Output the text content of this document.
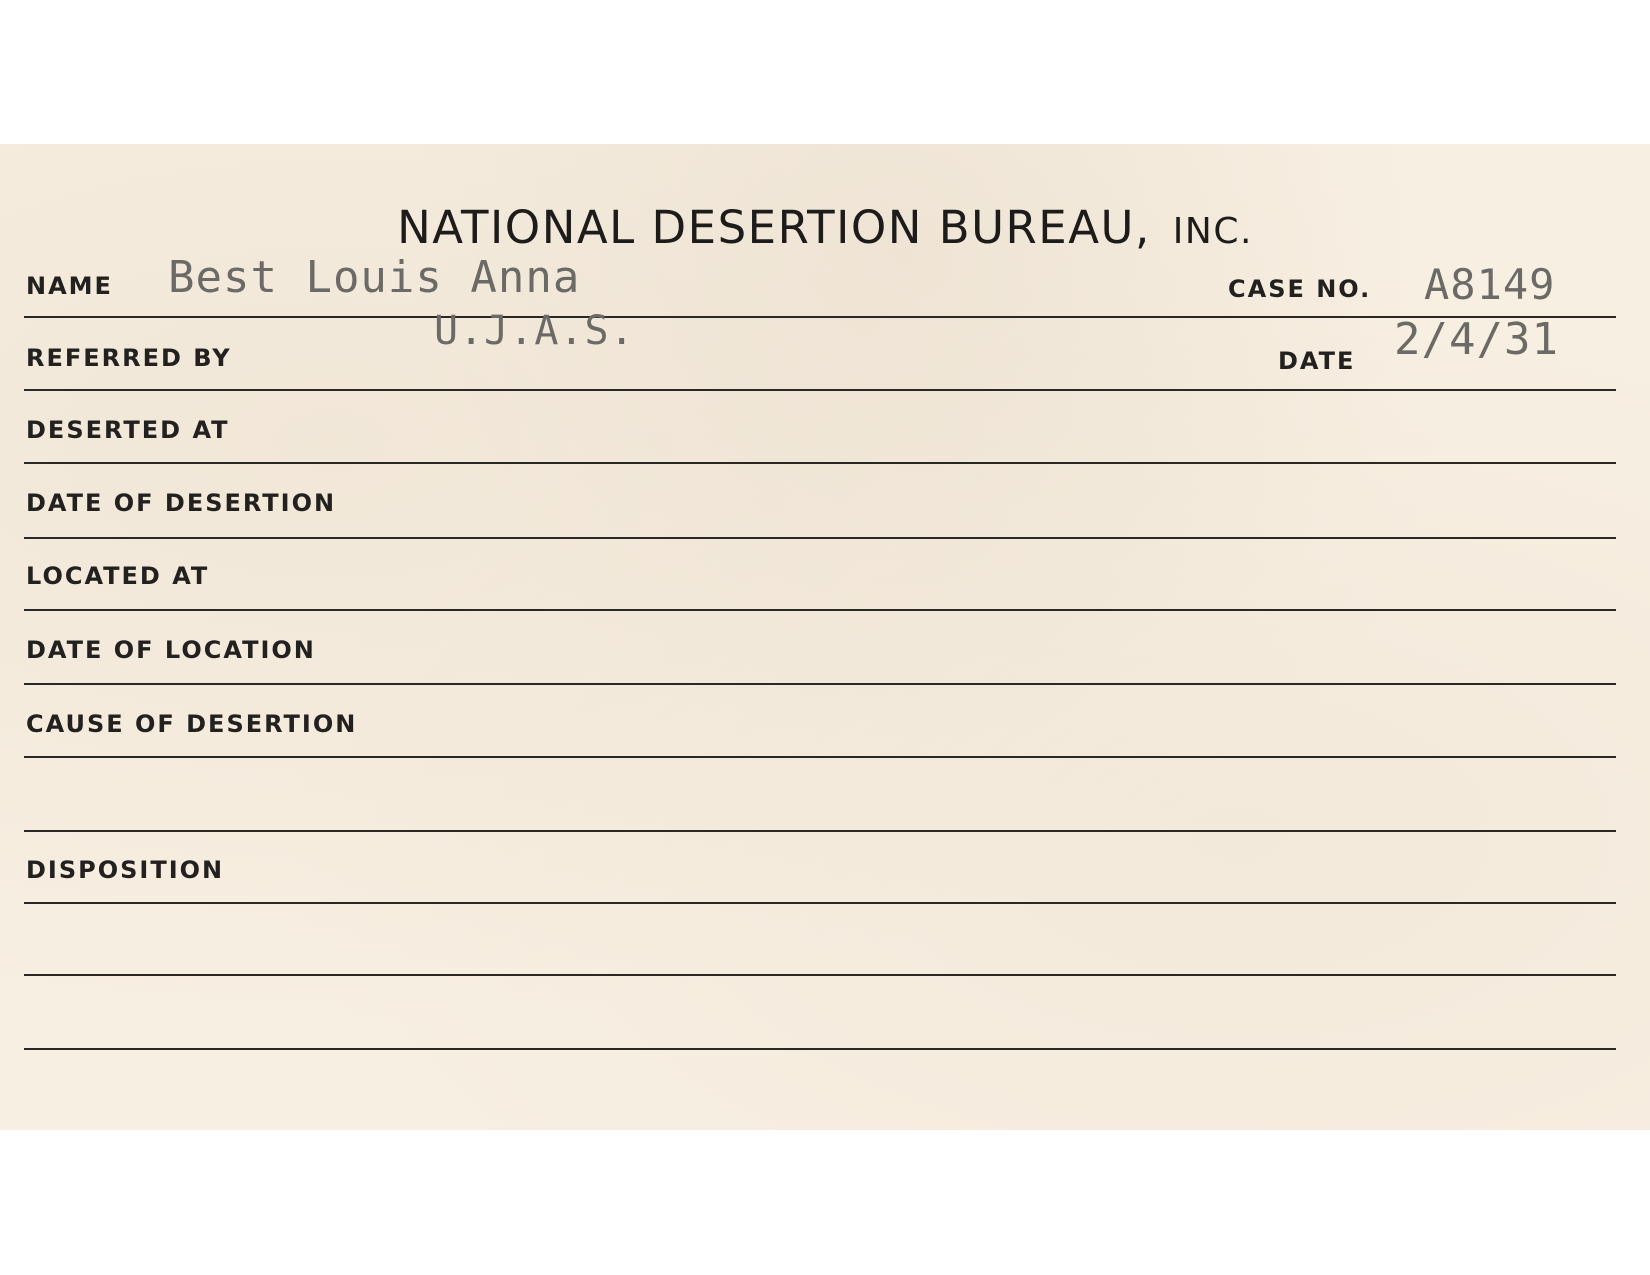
NATIONAL DESERTION BUREAU, INC.
NAME Best Louis Anna	CASE NO. A8149
U.J.A.S.
REFERRED BY	DATE 2/4/31
DESERTED AT
DATE OF DESERTION
LOCATED AT
DATE OF LOCATION
CAUSE OF DESERTION
DISPOSITION
